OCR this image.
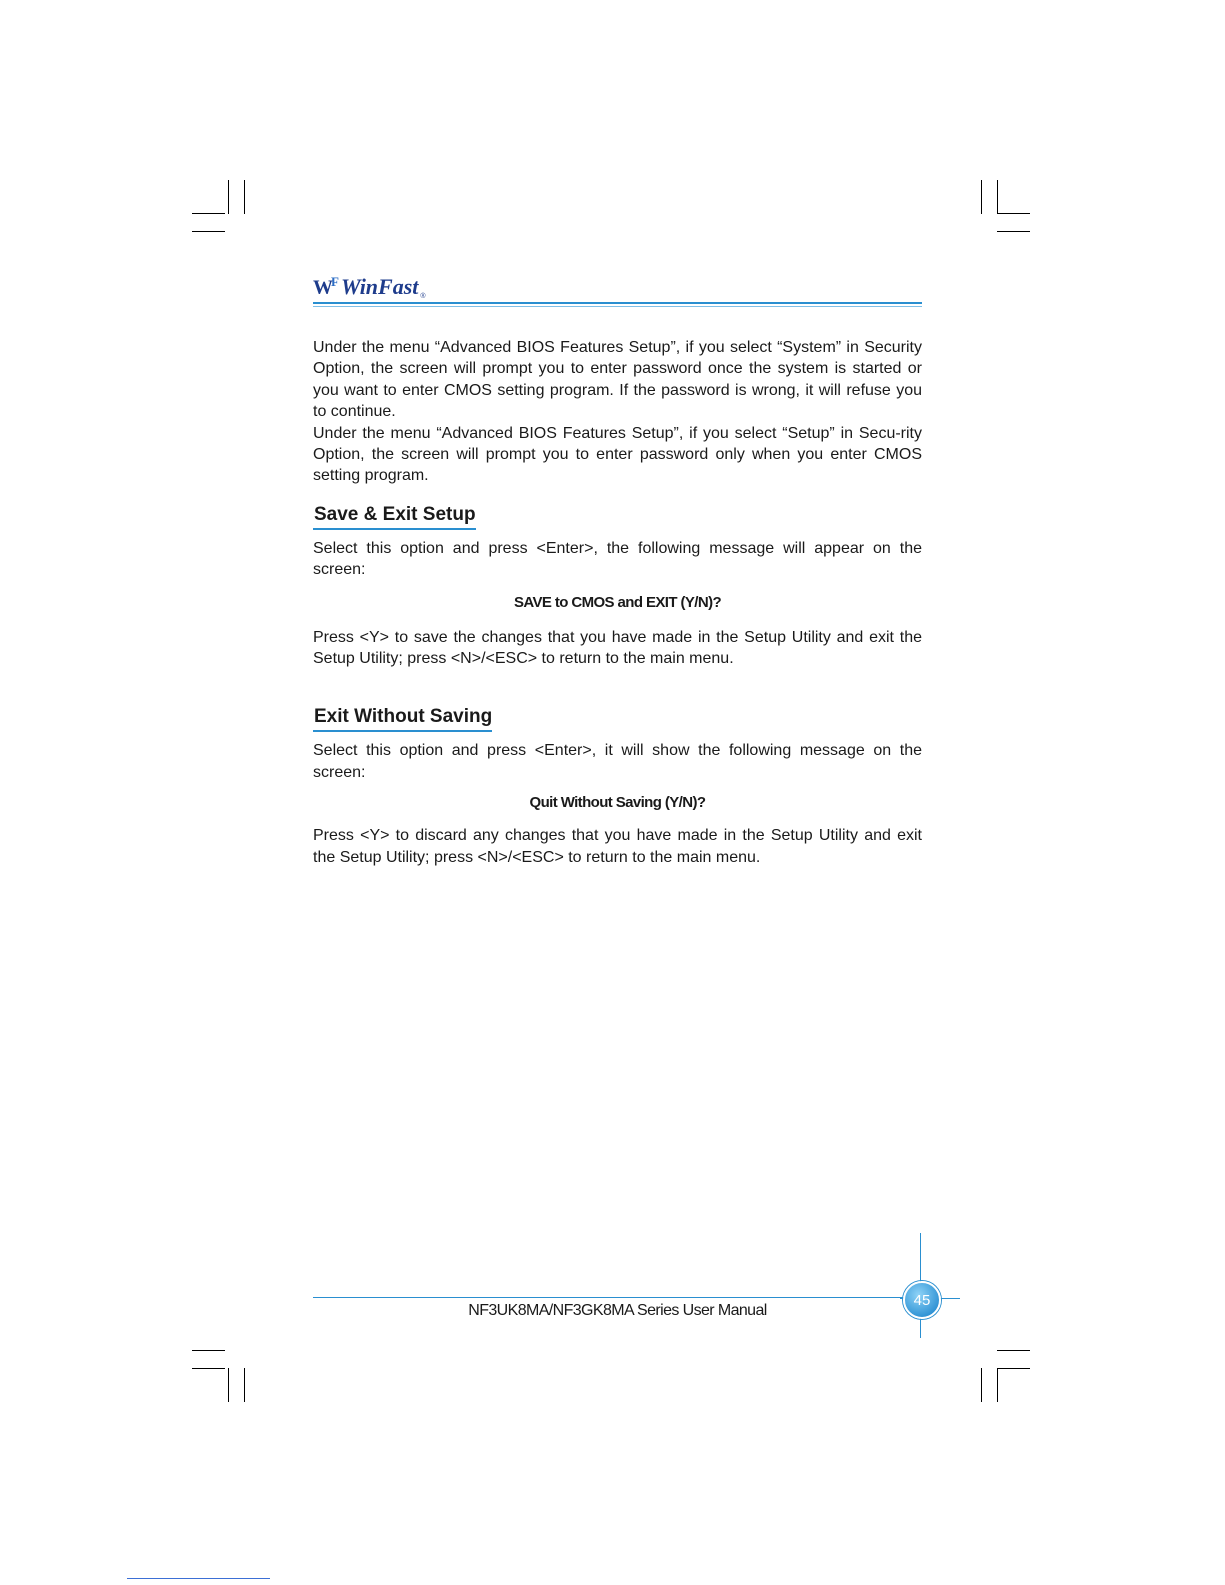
$W^F$ WinFast ®

Under the menu “Advanced BIOS Features Setup”, if you select “System” in Security Option, the screen will prompt you to enter password once the system is started or you want to enter CMOS setting program. If the password is wrong, it will refuse you to continue.

Under the menu “Advanced BIOS Features Setup”, if you select “Setup” in Secu-rity Option, the screen will prompt you to enter password only when you enter CMOS setting program.

Save & Exit Setup

Select this option and press <Enter>, the following message will appear on the screen:

SAVE to CMOS and EXIT (Y/N)?

Press <Y> to save the changes that you have made in the Setup Utility and exit the Setup Utility; press <N>/<ESC> to return to the main menu.

Exit Without Saving

Select this option and press <Enter>, it will show the following message on the screen:

Quit Without Saving (Y/N)?

Press <Y> to discard any changes that you have made in the Setup Utility and exit the Setup Utility; press <N>/<ESC> to return to the main menu.

NF3UK8MA/NF3GK8MA Series User Manual
45
